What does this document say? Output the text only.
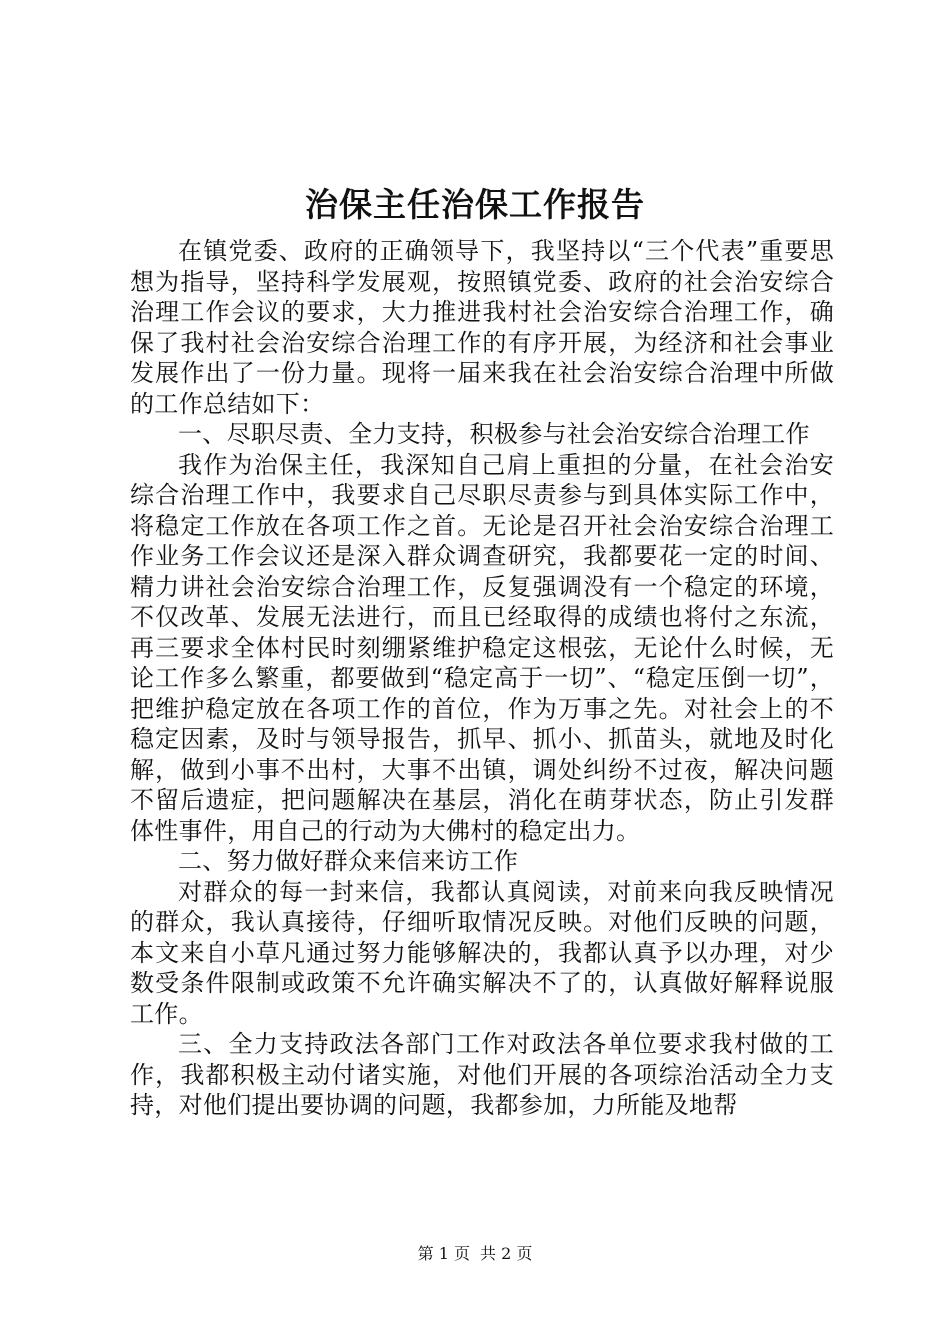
治保主任治保工作报告

在镇党委、政府的正确领导下，我坚持以“三个代表”重要思想为指导，坚持科学发展观，按照镇党委、政府的社会治安综合治理工作会议的要求，大力推进我村社会治安综合治理工作，确保了我村社会治安综合治理工作的有序开展，为经济和社会事业发展作出了一份力量。现将一届来我在社会治安综合治理中所做的工作总结如下：

一、尽职尽责、全力支持，积极参与社会治安综合治理工作

我作为治保主任，我深知自己肩上重担的分量，在社会治安综合治理工作中，我要求自己尽职尽责参与到具体实际工作中，将稳定工作放在各项工作之首。无论是召开社会治安综合治理工作业务工作会议还是深入群众调查研究，我都要花一定的时间、精力讲社会治安综合治理工作，反复强调没有一个稳定的环境，不仅改革、发展无法进行，而且已经取得的成绩也将付之东流，再三要求全体村民时刻绷紧维护稳定这根弦，无论什么时候，无论工作多么繁重，都要做到“稳定高于一切”、“稳定压倒一切”，把维护稳定放在各项工作的首位，作为万事之先。对社会上的不稳定因素，及时与领导报告，抓早、抓小、抓苗头，就地及时化解，做到小事不出村，大事不出镇，调处纠纷不过夜，解决问题不留后遗症，把问题解决在基层，消化在萌芽状态，防止引发群体性事件，用自己的行动为大佛村的稳定出力。

二、努力做好群众来信来访工作

对群众的每一封来信，我都认真阅读，对前来向我反映情况的群众，我认真接待，仔细听取情况反映。对他们反映的问题，本文来自小草凡通过努力能够解决的，我都认真予以办理，对少数受条件限制或政策不允许确实解决不了的，认真做好解释说服工作。

三、全力支持政法各部门工作对政法各单位要求我村做的工作，我都积极主动付诸实施，对他们开展的各项综治活动全力支持，对他们提出要协调的问题，我都参加，力所能及地帮

第 1 页 共 2 页
